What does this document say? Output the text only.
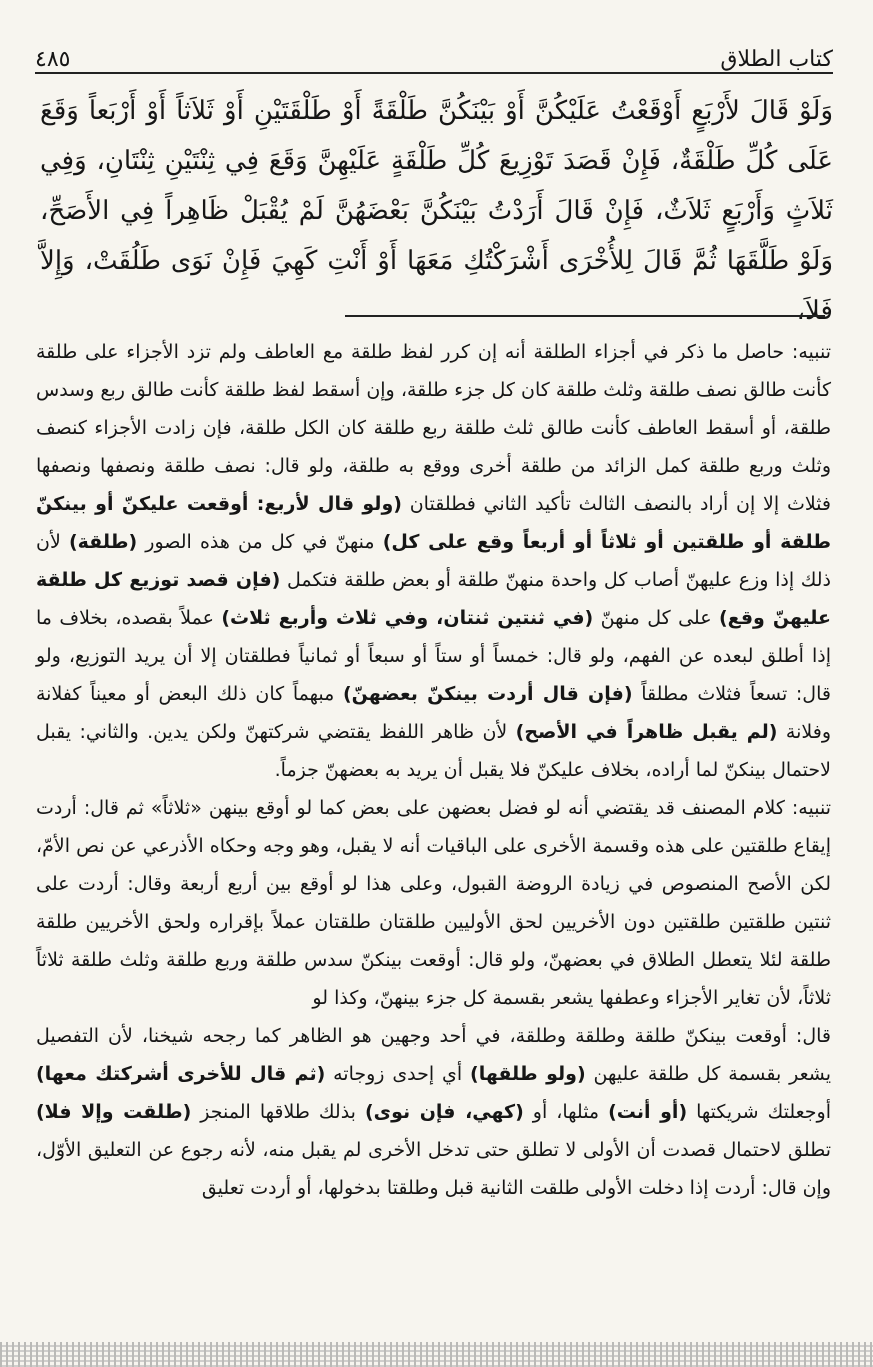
٤٨٥	كتاب الطلاق
وَلَوْ قَالَ لأَرْبَعٍ أَوْقَعْتُ عَلَيْكُنَّ أَوْ بَيْنَكُنَّ طَلْقَةً أَوْ طَلْقَتَيْنِ أَوْ ثَلاَثاً أَوْ أَرْبَعاً وَقَعَ عَلَى كُلِّ طَلْقَةٌ، فَإِنْ قَصَدَ تَوْزِيعَ كُلِّ طَلْقَةٍ عَلَيْهِنَّ وَقَعَ فِي ثِنْتَيْنِ ثِنْتَانِ، وَفِي ثَلاَثٍ وَأَرْبَعٍ ثَلاَثٌ، فَإِنْ قَالَ أَرَدْتُ بَيْنَكُنَّ بَعْضَهُنَّ لَمْ يُقْبَلْ ظَاهِراً فِي الأَصَحِّ، وَلَوْ طَلَّقَهَا ثُمَّ قَالَ لِلأُخْرَى أَشْرَكْتُكِ مَعَهَا أَوْ أَنْتِ كَهِيَ فَإِنْ نَوَى طَلُقَتْ، وَإِلاَّ فَلاَ،

تنبيه: حاصل ما ذكر في أجزاء الطلقة أنه إن كرر لفظ طلقة مع العاطف ولم تزد الأجزاء على طلقة كأنت طالق نصف طلقة وثلث طلقة كان كل جزء طلقة، وإن أسقط لفظ طلقة كأنت طالق ربع وسدس طلقة، أو أسقط العاطف كأنت طالق ثلث طلقة ربع طلقة كان الكل طلقة، فإن زادت الأجزاء كنصف وثلث وربع طلقة كمل الزائد من طلقة أخرى ووقع به طلقة، ولو قال: نصف طلقة ونصفها ونصفها فثلاث إلا إن أراد بالنصف الثالث تأكيد الثاني فطلقتان (ولو قال لأربع: أوقعت عليكنّ أو بينكنّ طلقة أو طلقتين أو ثلاثاً أو أربعاً وقع على كل) منهنّ في كل من هذه الصور (طلقة) لأن ذلك إذا وزع عليهنّ أصاب كل واحدة منهنّ طلقة أو بعض طلقة فتكمل (فإن قصد توزيع كل طلقة عليهنّ وقع) على كل منهنّ (في ثنتين ثنتان، وفي ثلاث وأربع ثلاث) عملاً بقصده، بخلاف ما إذا أطلق لبعده عن الفهم، ولو قال: خمساً أو ستاً أو سبعاً أو ثمانياً فطلقتان إلا أن يريد التوزيع، ولو قال: تسعاً فثلاث مطلقاً (فإن قال أردت بينكنّ بعضهنّ) مبهماً كان ذلك البعض أو معيناً كفلانة وفلانة (لم يقبل ظاهراً في الأصح) لأن ظاهر اللفظ يقتضي شركتهنّ ولكن يدين. والثاني: يقبل لاحتمال بينكنّ لما أراده، بخلاف عليكنّ فلا يقبل أن يريد به بعضهنّ جزماً.

تنبيه: كلام المصنف قد يقتضي أنه لو فضل بعضهن على بعض كما لو أوقع بينهن «ثلاثاً» ثم قال: أردت إيقاع طلقتين على هذه وقسمة الأخرى على الباقيات أنه لا يقبل، وهو وجه وحكاه الأذرعي عن نص الأمّ، لكن الأصح المنصوص في زيادة الروضة القبول، وعلى هذا لو أوقع بين أربع أربعة وقال: أردت على ثنتين طلقتين طلقتين دون الأخريين لحق الأوليين طلقتان طلقتان عملاً بإقراره ولحق الأخريين طلقة طلقة لئلا يتعطل الطلاق في بعضهنّ، ولو قال: أوقعت بينكنّ سدس طلقة وربع طلقة وثلث طلقة ثلاثاً ثلاثاً، لأن تغاير الأجزاء وعطفها يشعر بقسمة كل جزء بينهنّ، وكذا لو

قال: أوقعت بينكنّ طلقة وطلقة وطلقة، في أحد وجهين هو الظاهر كما رجحه شيخنا، لأن التفصيل يشعر بقسمة كل طلقة عليهن (ولو طلقها) أي إحدى زوجاته (ثم قال للأخرى أشركتك معها) أوجعلتك شريكتها (أو أنت) مثلها، أو (كهي، فإن نوى) بذلك طلاقها المنجز (طلقت وإلا فلا) تطلق لاحتمال قصدت أن الأولى لا تطلق حتى تدخل الأخرى لم يقبل منه، لأنه رجوع عن التعليق الأوّل، وإن قال: أردت إذا دخلت الأولى طلقت الثانية قبل وطلقتا بدخولها، أو أردت تعليق
